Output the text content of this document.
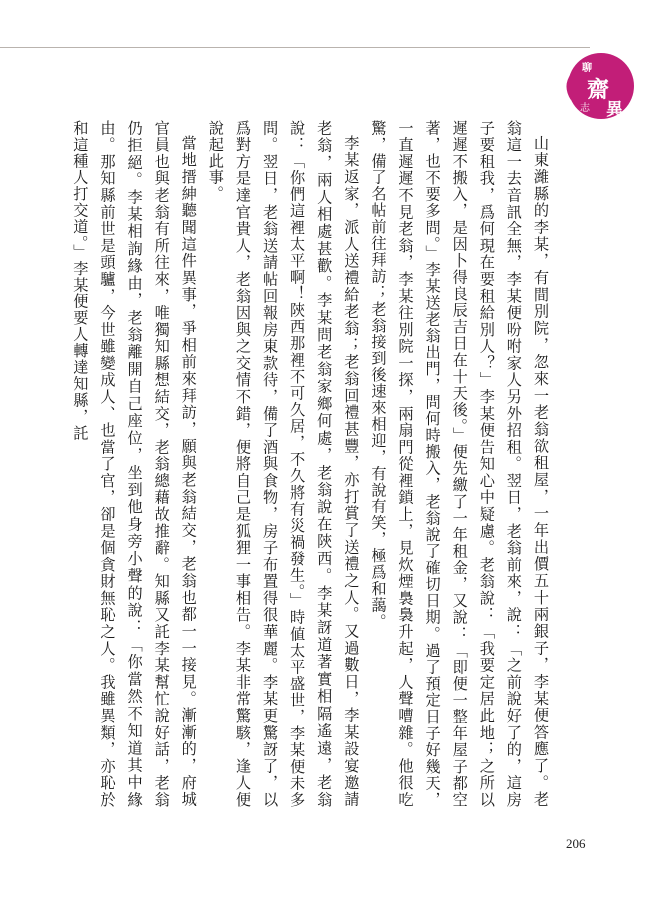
聊
齋
志 異

山東濰縣的李某，有間別院，忽來一老翁欲租屋，一年出價五十兩銀子，李某便答應了。老翁這一去音訊全無，李某便吩咐家人另外招租。翌日，老翁前來，說：「之前說好了的，這房子要租我，爲何現在要租給別人？」李某便告知心中疑慮。老翁說：「我要定居此地；之所以遲遲不搬入，是因卜得良辰吉日在十天後。」便先繳了一年租金，又說：「即便一整年屋子都空著，也不要多問。」李某送老翁出門，問何時搬入，老翁說了確切日期。過了預定日子好幾天，一直遲遲不見老翁，李某往別院一探，兩扇門從裡鎖上，見炊煙裊裊升起，人聲嘈雜。他很吃驚，備了名帖前往拜訪；老翁接到後速來相迎，有說有笑，極爲和藹。

李某返家，派人送禮給老翁；老翁回禮甚豐，亦打賞了送禮之人。又過數日，李某設宴邀請老翁，兩人相處甚歡。李某問老翁家鄉何處，老翁說在陝西。李某訝道著實相隔遙遠，老翁說：「你們這裡太平啊！陝西那裡不可久居，不久將有災禍發生。」時値太平盛世，李某便未多問。翌日，老翁送請帖回報房東款待，備了酒與食物，房子布置得很華麗。李某更驚訝了，以爲對方是達官貴人，老翁因與之交情不錯，便將自己是狐狸一事相告。李某非常驚駭，逢人便說起此事。

當地搢紳聽聞這件異事，爭相前來拜訪，願與老翁結交，老翁也都一一接見。漸漸的，府城官員也與老翁有所往來，唯獨知縣想結交，老翁總藉故推辭。知縣又託李某幫忙說好話，老翁仍拒絕。李某相詢緣由，老翁離開自己座位，坐到他身旁小聲的說：「你當然不知道其中緣由。那知縣前世是頭驢，今世雖變成人、也當了官，卻是個貪財無恥之人。我雖異類，亦恥於和這種人打交道。」李某便要人轉達知縣，託

206
